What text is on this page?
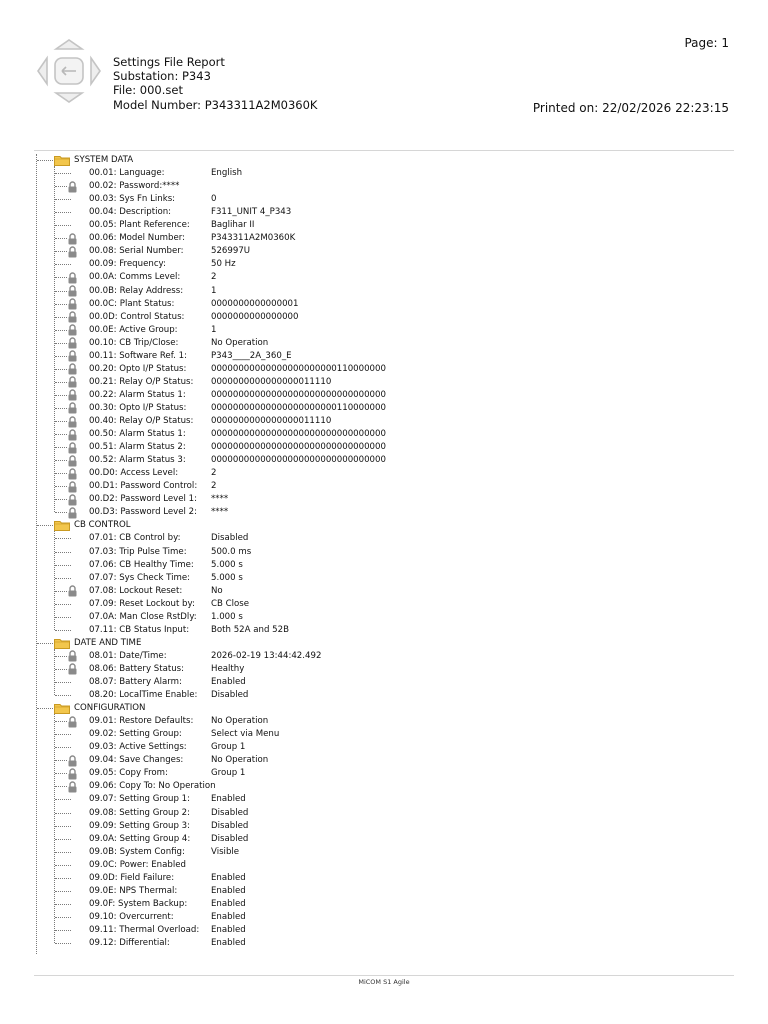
Settings File Report
Substation: P343
File: 000.set
Model Number: P343311A2M0360K
Page: 1
Printed on: 22/02/2026 22:23:15
SYSTEM DATA
00.01: Language:	English
00.02: Password:****
00.03: Sys Fn Links:	0
00.04: Description:	F311_UNIT 4_P343
00.05: Plant Reference: Baglihar II
00.06: Model Number:	P343311A2M0360K
00.08: Serial Number:	526997U
00.09: Frequency:	50 Hz
00.0A: Comms Level:	2
00.0B: Relay Address:	1
00.0C: Plant Status:	0000000000000001
00.0D: Control Status:	0000000000000000
00.0E: Active Group:	1
00.10: CB Trip/Close:	No Operation
00.11: Software Ref. 1:	P343____2A_360_E
00.20: Opto I/P Status:	00000000000000000000000110000000
00.21: Relay O/P Status: 0000000000000000011110
00.22: Alarm Status 1:	00000000000000000000000000000000
00.30: Opto I/P Status:	00000000000000000000000110000000
00.40: Relay O/P Status: 0000000000000000011110
00.50: Alarm Status 1:	00000000000000000000000000000000
00.51: Alarm Status 2:	00000000000000000000000000000000
00.52: Alarm Status 3:	00000000000000000000000000000000
00.D0: Access Level:	2
00.D1: Password Control: 2
00.D2: Password Level 1: ****
00.D3: Password Level 2: ****
CB CONTROL
07.01: CB Control by:	Disabled
07.03: Trip Pulse Time:	500.0 ms
07.06: CB Healthy Time: 5.000 s
07.07: Sys Check Time: 5.000 s
07.08: Lockout Reset:	No
07.09: Reset Lockout by: CB Close
07.0A: Man Close RstDly: 1.000 s
07.11: CB Status Input:	Both 52A and 52B
DATE AND TIME
08.01: Date/Time:	2026-02-19 13:44:42.492
08.06: Battery Status:	Healthy
08.07: Battery Alarm:	Enabled
08.20: LocalTime Enable: Disabled
CONFIGURATION
09.01: Restore Defaults: No Operation
09.02: Setting Group:	Select via Menu
09.03: Active Settings:	Group 1
09.04: Save Changes:	No Operation
09.05: Copy From:	Group 1
09.06: Copy To: No Operation
09.07: Setting Group 1: Enabled
09.08: Setting Group 2: Disabled
09.09: Setting Group 3: Disabled
09.0A: Setting Group 4: Disabled
09.0B: System Config:	Visible
09.0C: Power: Enabled
09.0D: Field Failure:	Enabled
09.0E: NPS Thermal:	Enabled
09.0F: System Backup:	Enabled
09.10: Overcurrent:	Enabled
09.11: Thermal Overload: Enabled
09.12: Differential:	Enabled
MiCOM S1 Agile
